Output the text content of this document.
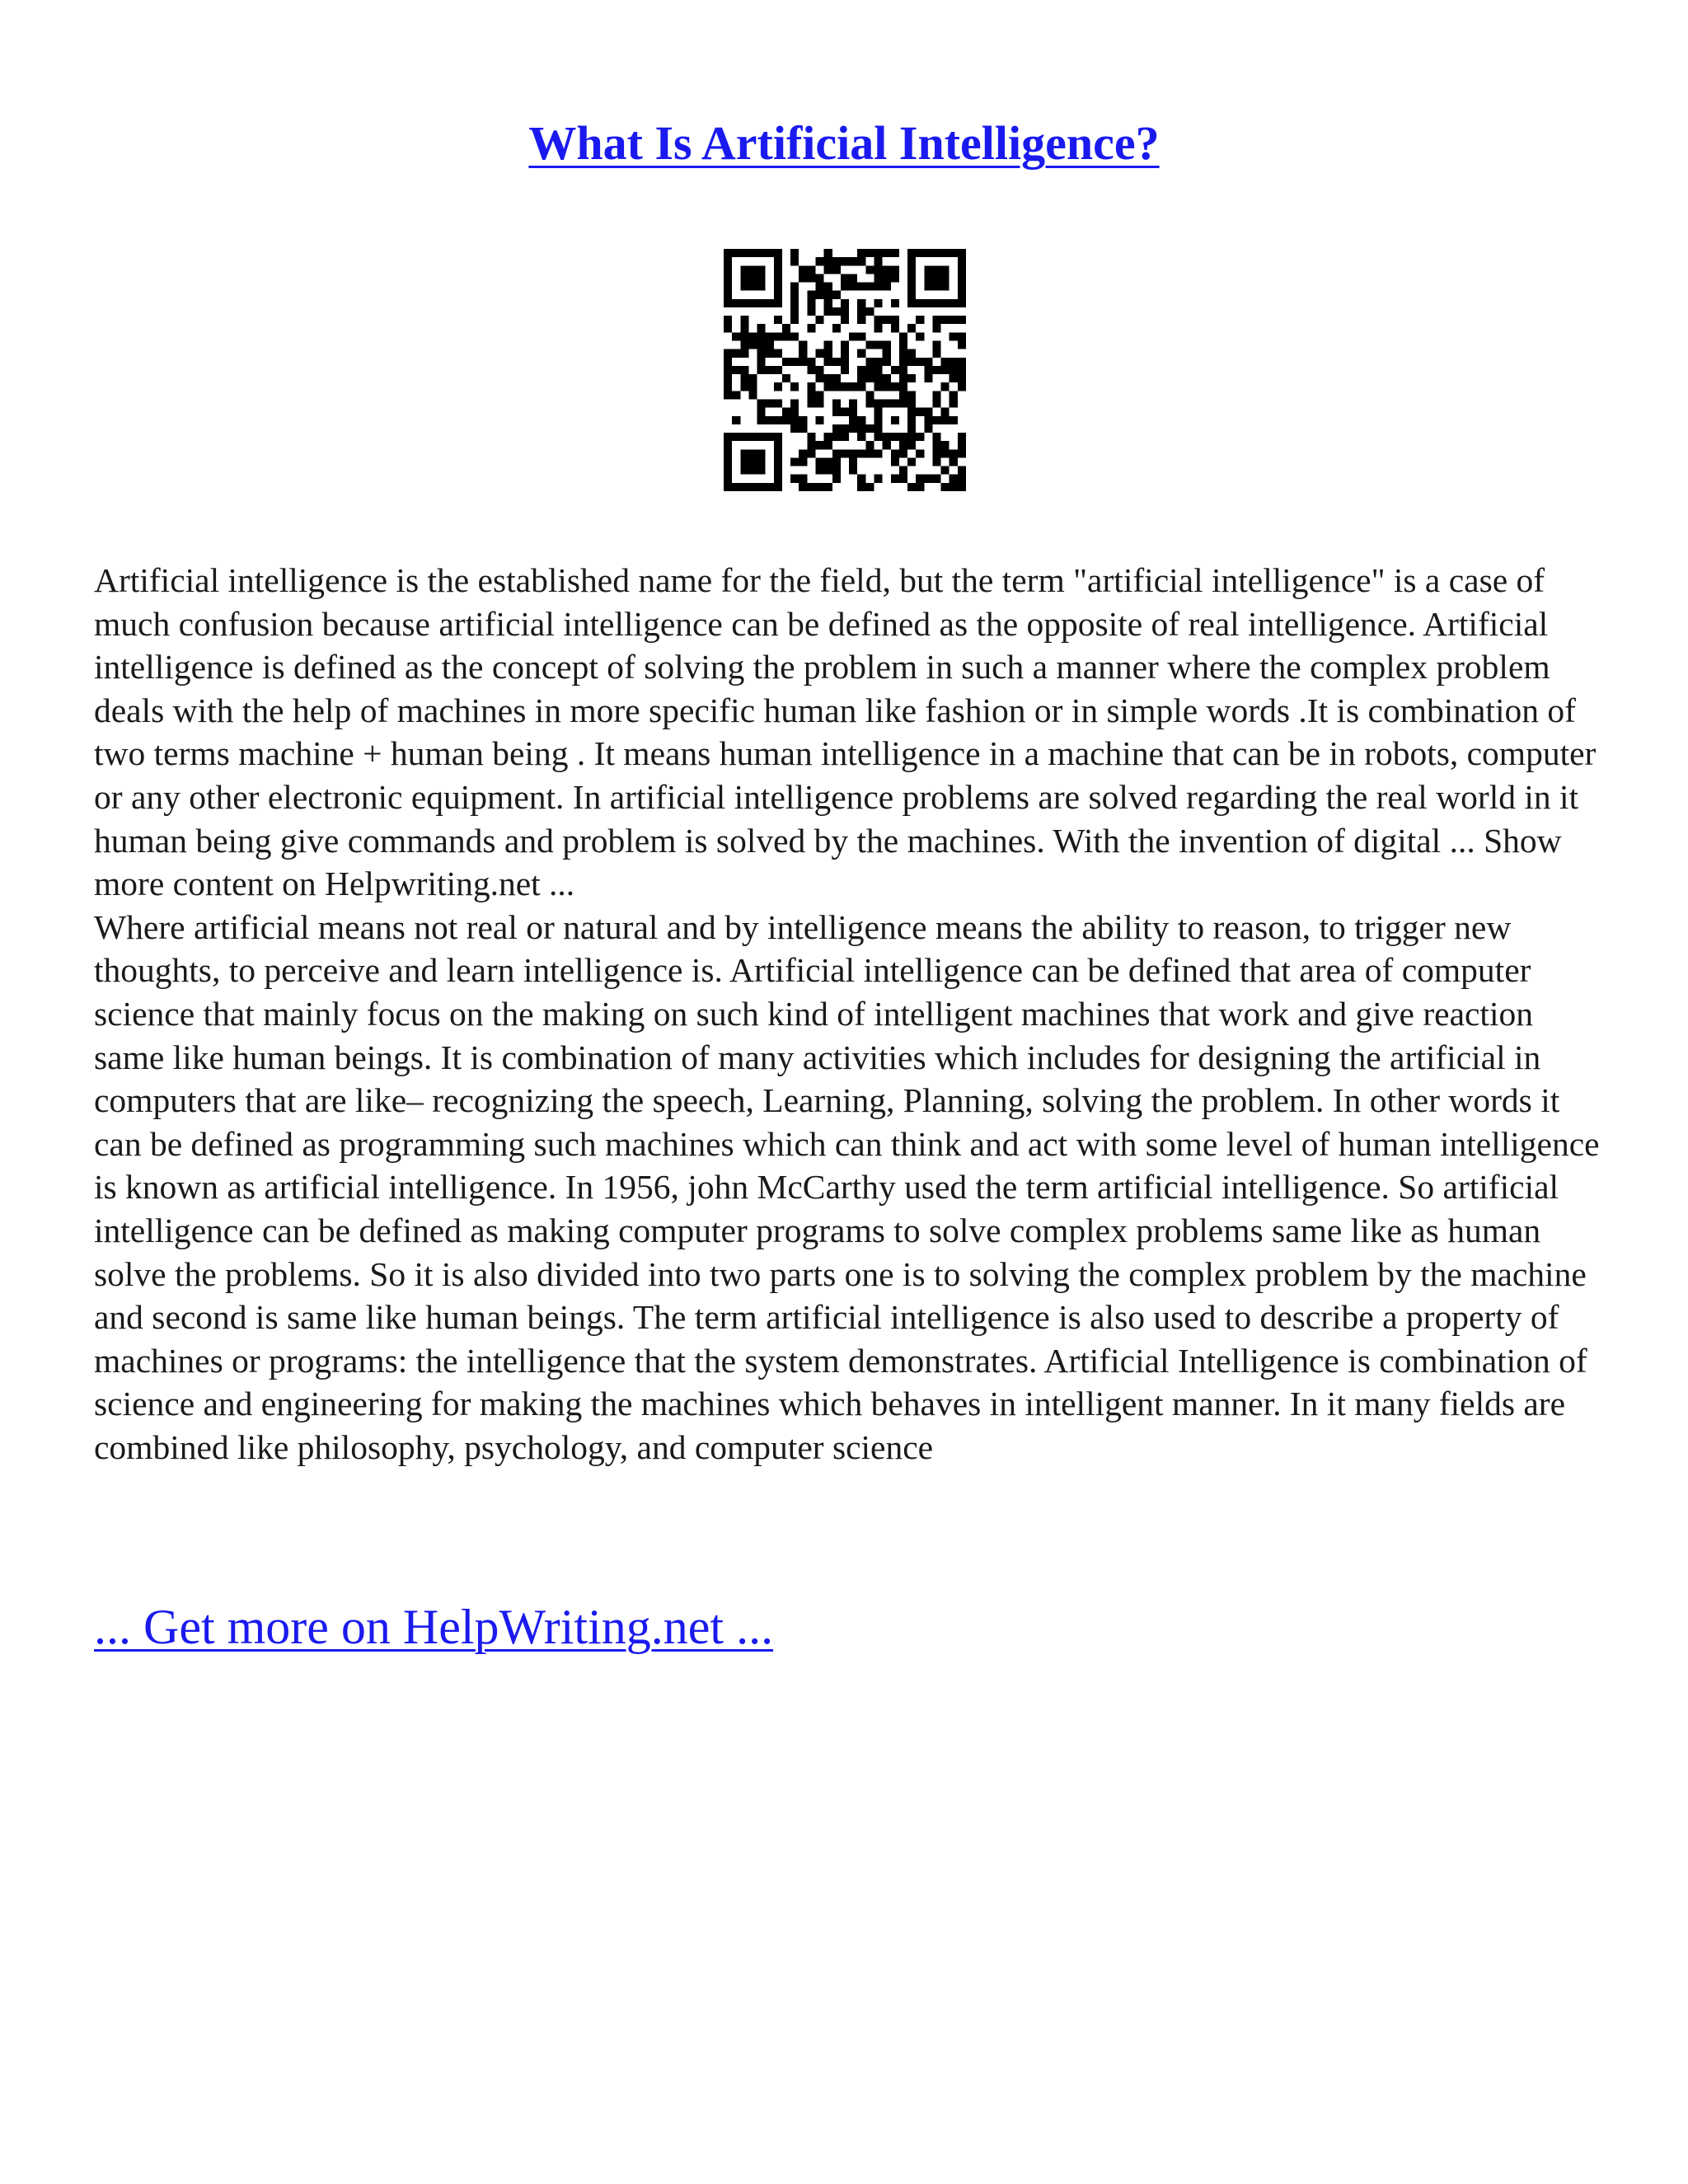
What Is Artificial Intelligence?

Artificial intelligence is the established name for the field, but the term "artificial intelligence" is a case of much confusion because artificial intelligence can be defined as the opposite of real intelligence. Artificial intelligence is defined as the concept of solving the problem in such a manner where the complex problem deals with the help of machines in more specific human like fashion or in simple words .It is combination of two terms machine + human being . It means human intelligence in a machine that can be in robots, computer or any other electronic equipment. In artificial intelligence problems are solved regarding the real world in it human being give commands and problem is solved by the machines. With the invention of digital ... Show more content on Helpwriting.net ...

Where artificial means not real or natural and by intelligence means the ability to reason, to trigger new thoughts, to perceive and learn intelligence is. Artificial intelligence can be defined that area of computer science that mainly focus on the making on such kind of intelligent machines that work and give reaction same like human beings. It is combination of many activities which includes for designing the artificial in computers that are like– recognizing the speech, Learning, Planning, solving the problem. In other words it can be defined as programming such machines which can think and act with some level of human intelligence is known as artificial intelligence. In 1956, john McCarthy used the term artificial intelligence. So artificial intelligence can be defined as making computer programs to solve complex problems same like as human solve the problems. So it is also divided into two parts one is to solving the complex problem by the machine and second is same like human beings. The term artificial intelligence is also used to describe a property of machines or programs: the intelligence that the system demonstrates. Artificial Intelligence is combination of science and engineering for making the machines which behaves in intelligent manner. In it many fields are combined like philosophy, psychology, and computer science

... Get more on HelpWriting.net ...
